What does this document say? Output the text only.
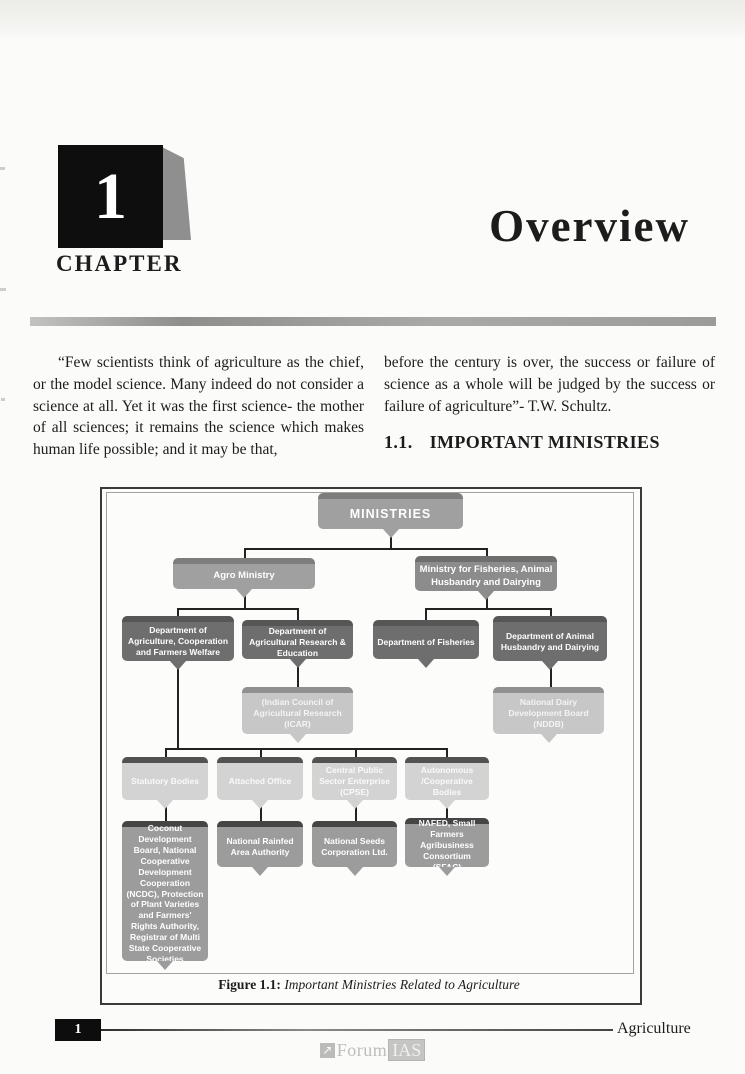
1
CHAPTER
Overview

“Few scientists think of agriculture as the chief, or the model science. Many indeed do not consider a science at all. Yet it was the first science- the mother of all sciences; it remains the science which makes human life possible; and it may be that,

before the century is over, the success or failure of science as a whole will be judged by the success or failure of agriculture”- T.W. Schultz.

1.1. IMPORTANT MINISTRIES
MINISTRIES
Agro Ministry
Ministry for Fisheries, Animal Husbandry and Dairying
Department of Agriculture, Cooperation and Farmers Welfare
Department of Agricultural Research & Education
Department of Fisheries
Department of Animal Husbandry and Dairying
(Indian Council of Agricultural Research (ICAR)
National Dairy Development Board (NDDB)
Statutory Bodies	Attached Office
Central Public Sector Enterprise (CPSE)
Autonomous /Cooperative Bodies
Coconut Development Board, National Cooperative Development Cooperation (NCDC), Protection of Plant Varieties and Farmers' Rights Authority, Registrar of Multi State Cooperative Societies
National Rainfed Area Authority
National Seeds Corporation Ltd.
NAFED, Small Farmers Agribusiness Consortium (SFAC)
Figure 1.1: Important Ministries Related to Agriculture
1	Agriculture
↗ Forum IAS
